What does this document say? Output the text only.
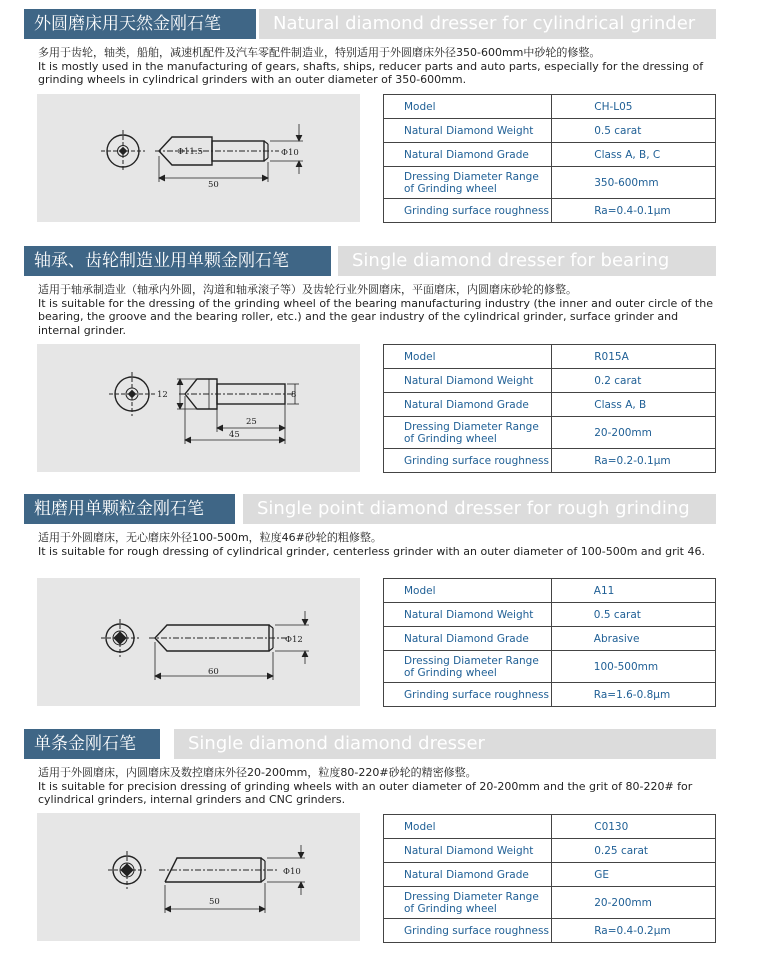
外圆磨床用天然金刚石笔	Natural diamond dresser for cylindrical grinder

多用于齿轮，轴类，船舶，减速机配件及汽车零配件制造业，特别适用于外圆磨床外径350-600mm中砂轮的修整。

It is mostly used in the manufacturing of gears, shafts, ships, reducer parts and auto parts, especially for the dressing of grinding wheels in cylindrical grinders with an outer diameter of 350-600mm.

Φ11.5	Φ10
50
Model	CH-L05
Natural Diamond Weight	0.5 carat
Natural Diamond Grade	Class A, B, C
Dressing Diameter Range of Grinding wheel	350-600mm
Grinding surface roughness	Ra=0.4-0.1μm
轴承、齿轮制造业用单颗金刚石笔	Single diamond dresser for bearing

适用于轴承制造业（轴承内外圆，沟道和轴承滚子等）及齿轮行业外圆磨床，平面磨床，内圆磨床砂轮的修整。

It is suitable for the dressing of the grinding wheel of the bearing manufacturing industry (the inner and outer circle of the bearing, the groove and the bearing roller, etc.) and the gear industry of the cylindrical grinder, surface grinder and internal grinder.

12	8
25
45
Model	R015A
Natural Diamond Weight	0.2 carat
Natural Diamond Grade	Class A, B
Dressing Diameter Range of Grinding wheel	20-200mm
Grinding surface roughness	Ra=0.2-0.1μm
粗磨用单颗粒金刚石笔	Single point diamond dresser for rough grinding

适用于外圆磨床，无心磨床外径100-500m，粒度46#砂轮的粗修整。

It is suitable for rough dressing of cylindrical grinder, centerless grinder with an outer diameter of 100-500m and grit 46.

Φ12
60
Model	A11
Natural Diamond Weight	0.5 carat
Natural Diamond Grade	Abrasive
Dressing Diameter Range of Grinding wheel	100-500mm
Grinding surface roughness	Ra=1.6-0.8μm
单条金刚石笔	Single diamond diamond dresser

适用于外圆磨床，内圆磨床及数控磨床外径20-200mm，粒度80-220#砂轮的精密修整。

It is suitable for precision dressing of grinding wheels with an outer diameter of 20-200mm and the grit of 80-220# for cylindrical grinders, internal grinders and CNC grinders.

Φ10
50
Model	C0130
Natural Diamond Weight	0.25 carat
Natural Diamond Grade	GE
Dressing Diameter Range of Grinding wheel	20-200mm
Grinding surface roughness	Ra=0.4-0.2μm
